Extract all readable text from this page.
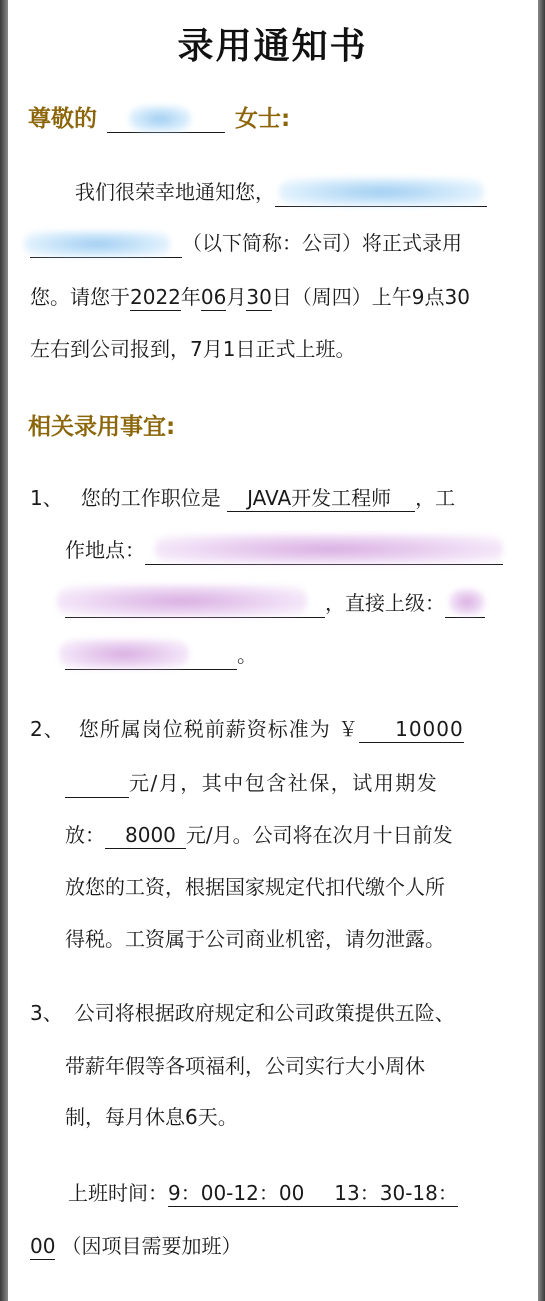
录用通知书
尊敬的	女士:
我们很荣幸地通知您，
（以下简称：公司）将正式录用
您。请您于2022年06月30日（周四）上午9点30
左右到公司报到，7月1日正式上班。
相关录用事宜:
1、 您的工作职位是 JAVA开发工程师 ，工
作地点：
，直接上级：
。
2、 您所属岗位税前薪资标准为 ￥ 10000
元/月，其中包含社保，试用期发
放： 8000 元/月。公司将在次月十日前发
放您的工资，根据国家规定代扣代缴个人所
得税。工资属于公司商业机密，请勿泄露。
3、 公司将根据政府规定和公司政策提供五险、
带薪年假等各项福利，公司实行大小周休
制，每月休息6天。
上班时间：9：00-12：00 13：30-18：
00 （因项目需要加班）
